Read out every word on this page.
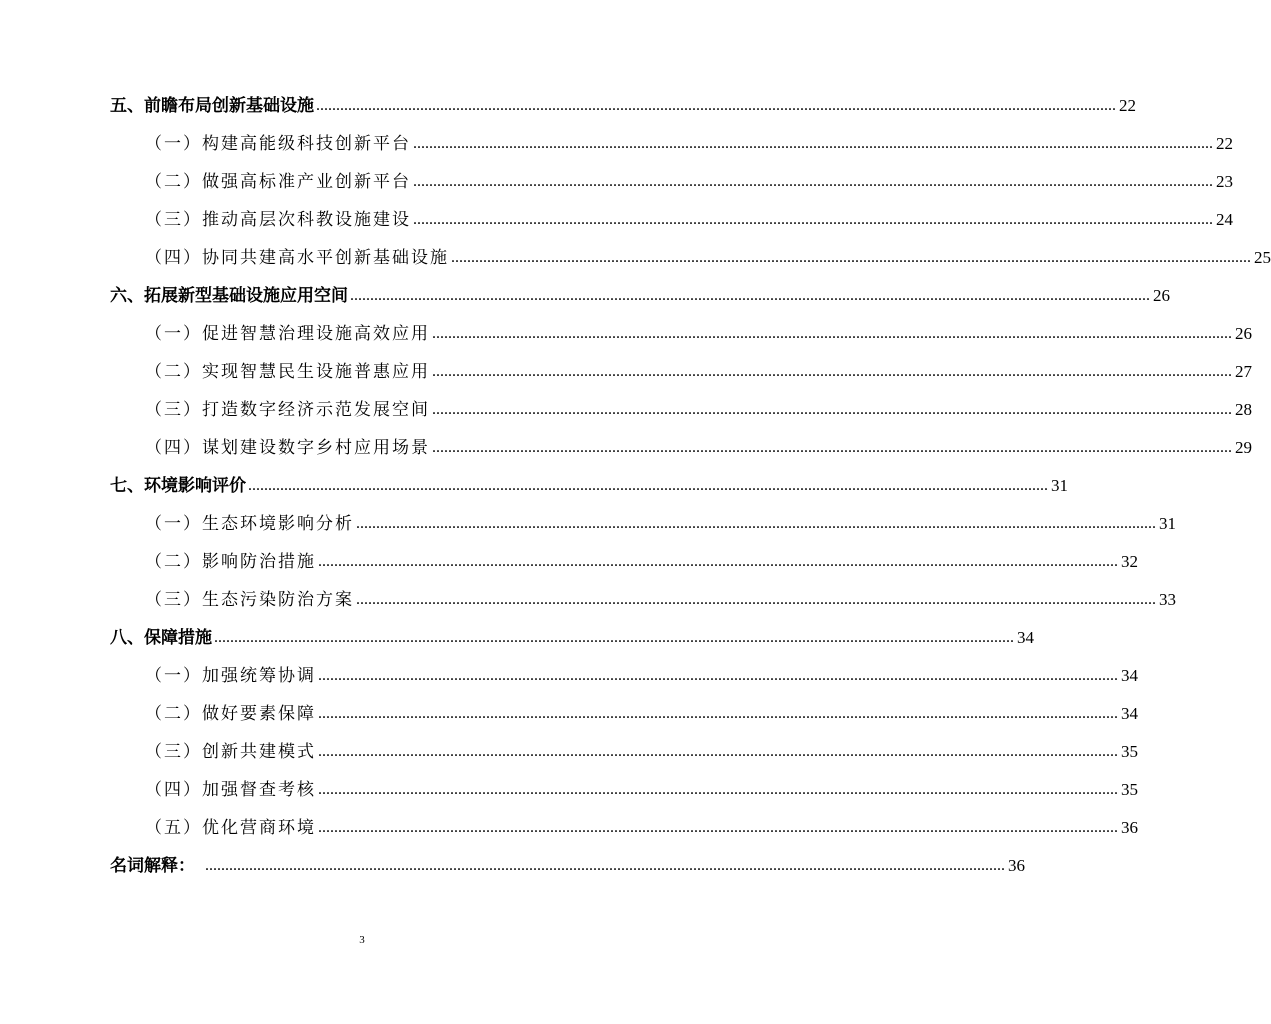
五、前瞻布局创新基础设施 ........................................................................................................................................................................................................ 22
（一）构建高能级科技创新平台 ........................................................................................................................................................................................................ 22
（二）做强高标准产业创新平台 ........................................................................................................................................................................................................ 23
（三）推动高层次科教设施建设 ........................................................................................................................................................................................................ 24
（四）协同共建高水平创新基础设施 ........................................................................................................................................................................................................ 25
六、拓展新型基础设施应用空间 ........................................................................................................................................................................................................ 26
（一）促进智慧治理设施高效应用 ........................................................................................................................................................................................................ 26
（二）实现智慧民生设施普惠应用 ........................................................................................................................................................................................................ 27
（三）打造数字经济示范发展空间 ........................................................................................................................................................................................................ 28
（四）谋划建设数字乡村应用场景 ........................................................................................................................................................................................................ 29
七、环境影响评价 ........................................................................................................................................................................................................ 31
（一）生态环境影响分析 ........................................................................................................................................................................................................ 31
（二）影响防治措施 ........................................................................................................................................................................................................ 32
（三）生态污染防治方案 ........................................................................................................................................................................................................ 33
八、保障措施 ........................................................................................................................................................................................................ 34
（一）加强统筹协调 ........................................................................................................................................................................................................ 34
（二）做好要素保障 ........................................................................................................................................................................................................ 34
（三）创新共建模式 ........................................................................................................................................................................................................ 35
（四）加强督查考核 ........................................................................................................................................................................................................ 35
（五）优化营商环境 ........................................................................................................................................................................................................ 36
名词解释： ........................................................................................................................................................................................................ 36
3
